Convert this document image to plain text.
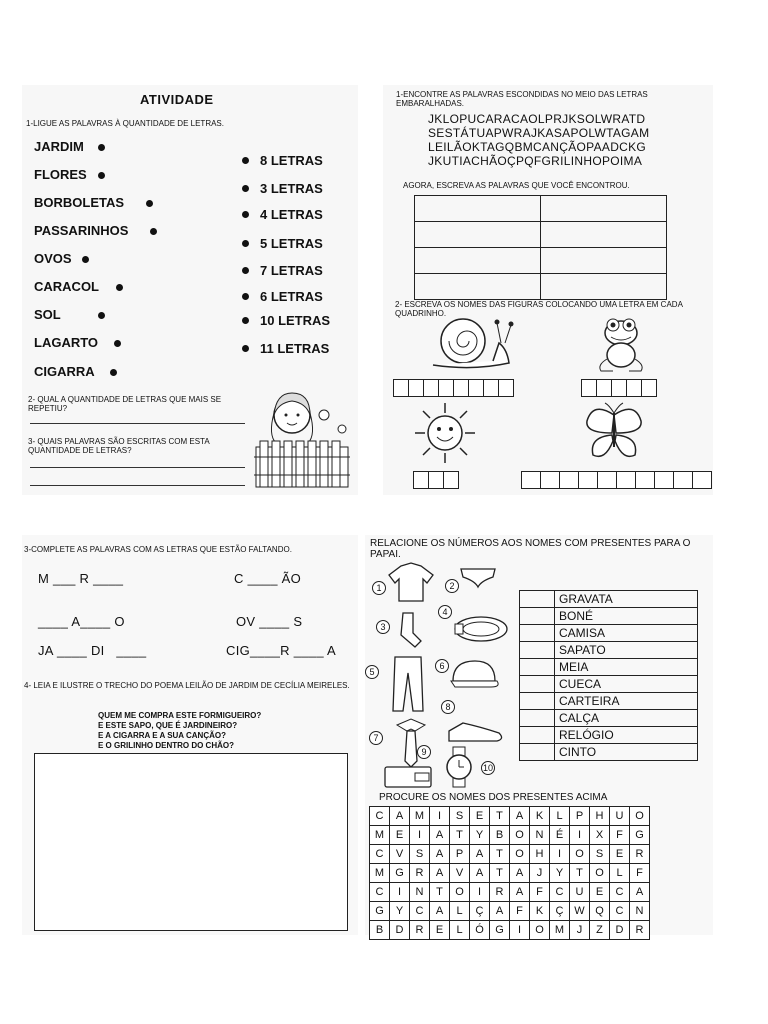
ATIVIDADE
1-LIGUE AS PALAVRAS À QUANTIDADE DE LETRAS.
JARDIM
FLORES
BORBOLETAS
PASSARINHOS
OVOS
CARACOL
SOL
LAGARTO
CIGARRA
8 LETRAS
3 LETRAS
4 LETRAS
5 LETRAS
7 LETRAS
6 LETRAS
10 LETRAS
11 LETRAS
2- QUAL A QUANTIDADE DE LETRAS QUE MAIS SE REPETIU?
3- QUAIS PALAVRAS SÃO ESCRITAS COM ESTA QUANTIDADE DE LETRAS?
1-ENCONTRE AS PALAVRAS ESCONDIDAS NO MEIO DAS LETRAS EMBARALHADAS.
JKLOPUCARACAOLPRJKSOLWRATD
SESTÁTUAPWRAJKASAPOLWTAGAM
LEILÃOKTAGQBMCANÇÃOPAADCKG
JKUTIACHÃOÇPQFGRILINHOPOIMA
AGORA, ESCREVA AS PALAVRAS QUE VOCÊ ENCONTROU.

2- ESCREVA OS NOMES DAS FIGURAS COLOCANDO UMA LETRA EM CADA QUADRINHO.
3-COMPLETE AS PALAVRAS COM AS LETRAS QUE ESTÃO FALTANDO.
M ___ R ____	C ____ ÃO
____ A____ O	OV ____ S
JA ____ DI   ____	CIG____R ____ A
4- LEIA E ILUSTRE O TRECHO DO POEMA LEILÃO DE JARDIM DE CECÍLIA MEIRELES.
QUEM ME COMPRA ESTE FORMIGUEIRO?
E ESTE SAPO, QUE É JARDINEIRO?
E A CIGARRA E A SUA CANÇÃO?
E O GRILINHO DENTRO DO CHÃO?
RELACIONE OS NÚMEROS AOS NOMES COM PRESENTES PARA O PAPAI.
1	2
3
4
5
6
7
8
9
10
	GRAVATA
	BONÉ
	CAMISA
	SAPATO
	MEIA
	CUECA
	CARTEIRA
	CALÇA
	RELÓGIO
	CINTO
PROCURE OS NOMES DOS PRESENTES ACIMA
C	A	M	I	S	E	T	A	K	L	P	H	U	O
M	E	I	A	T	Y	B	O	N	É	I	X	F	G
C	V	S	A	P	A	T	O	H	I	O	S	E	R
M	G	R	A	V	A	T	A	J	Y	T	O	L	F
C	I	N	T	O	I	R	A	F	C	U	E	C	A
G	Y	C	A	L	Ç	A	F	K	Ç	W	Q	C	N
B	D	R	E	L	Ó	G	I	O	M	J	Z	D	R
